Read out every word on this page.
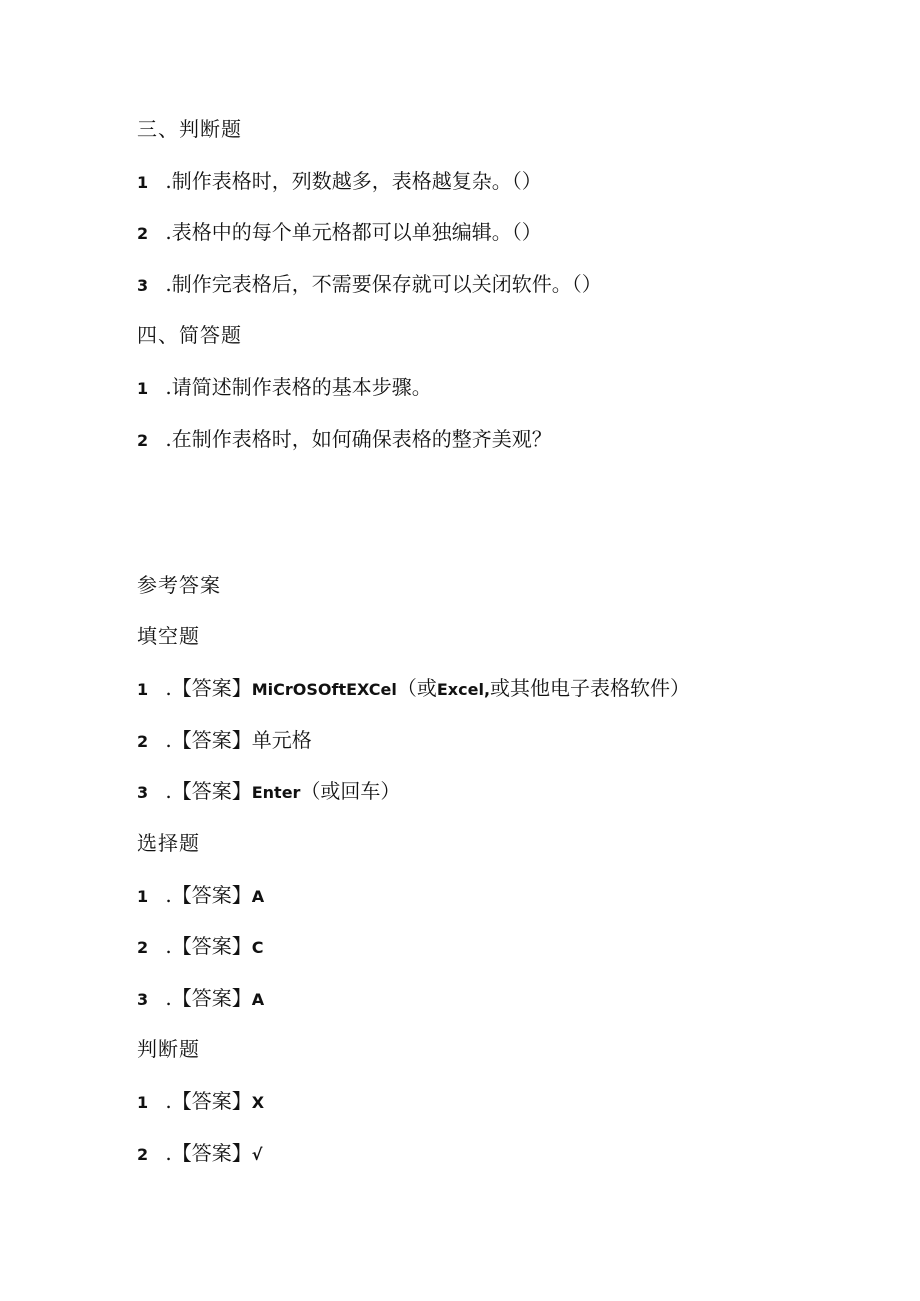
三、判断题
1 .制作表格时，列数越多，表格越复杂。（）
2 .表格中的每个单元格都可以单独编辑。（）
3 .制作完表格后，不需要保存就可以关闭软件。（）
四、简答题
1 .请简述制作表格的基本步骤。
2 .在制作表格时，如何确保表格的整齐美观？
参考答案
填空题
1 .【答案】MiCrOSOftEXCel（或Excel,或其他电子表格软件）
2 .【答案】单元格
3 .【答案】Enter（或回车）
选择题
1 .【答案】A
2 .【答案】C
3 .【答案】A
判断题
1 .【答案】X
2 .【答案】√
